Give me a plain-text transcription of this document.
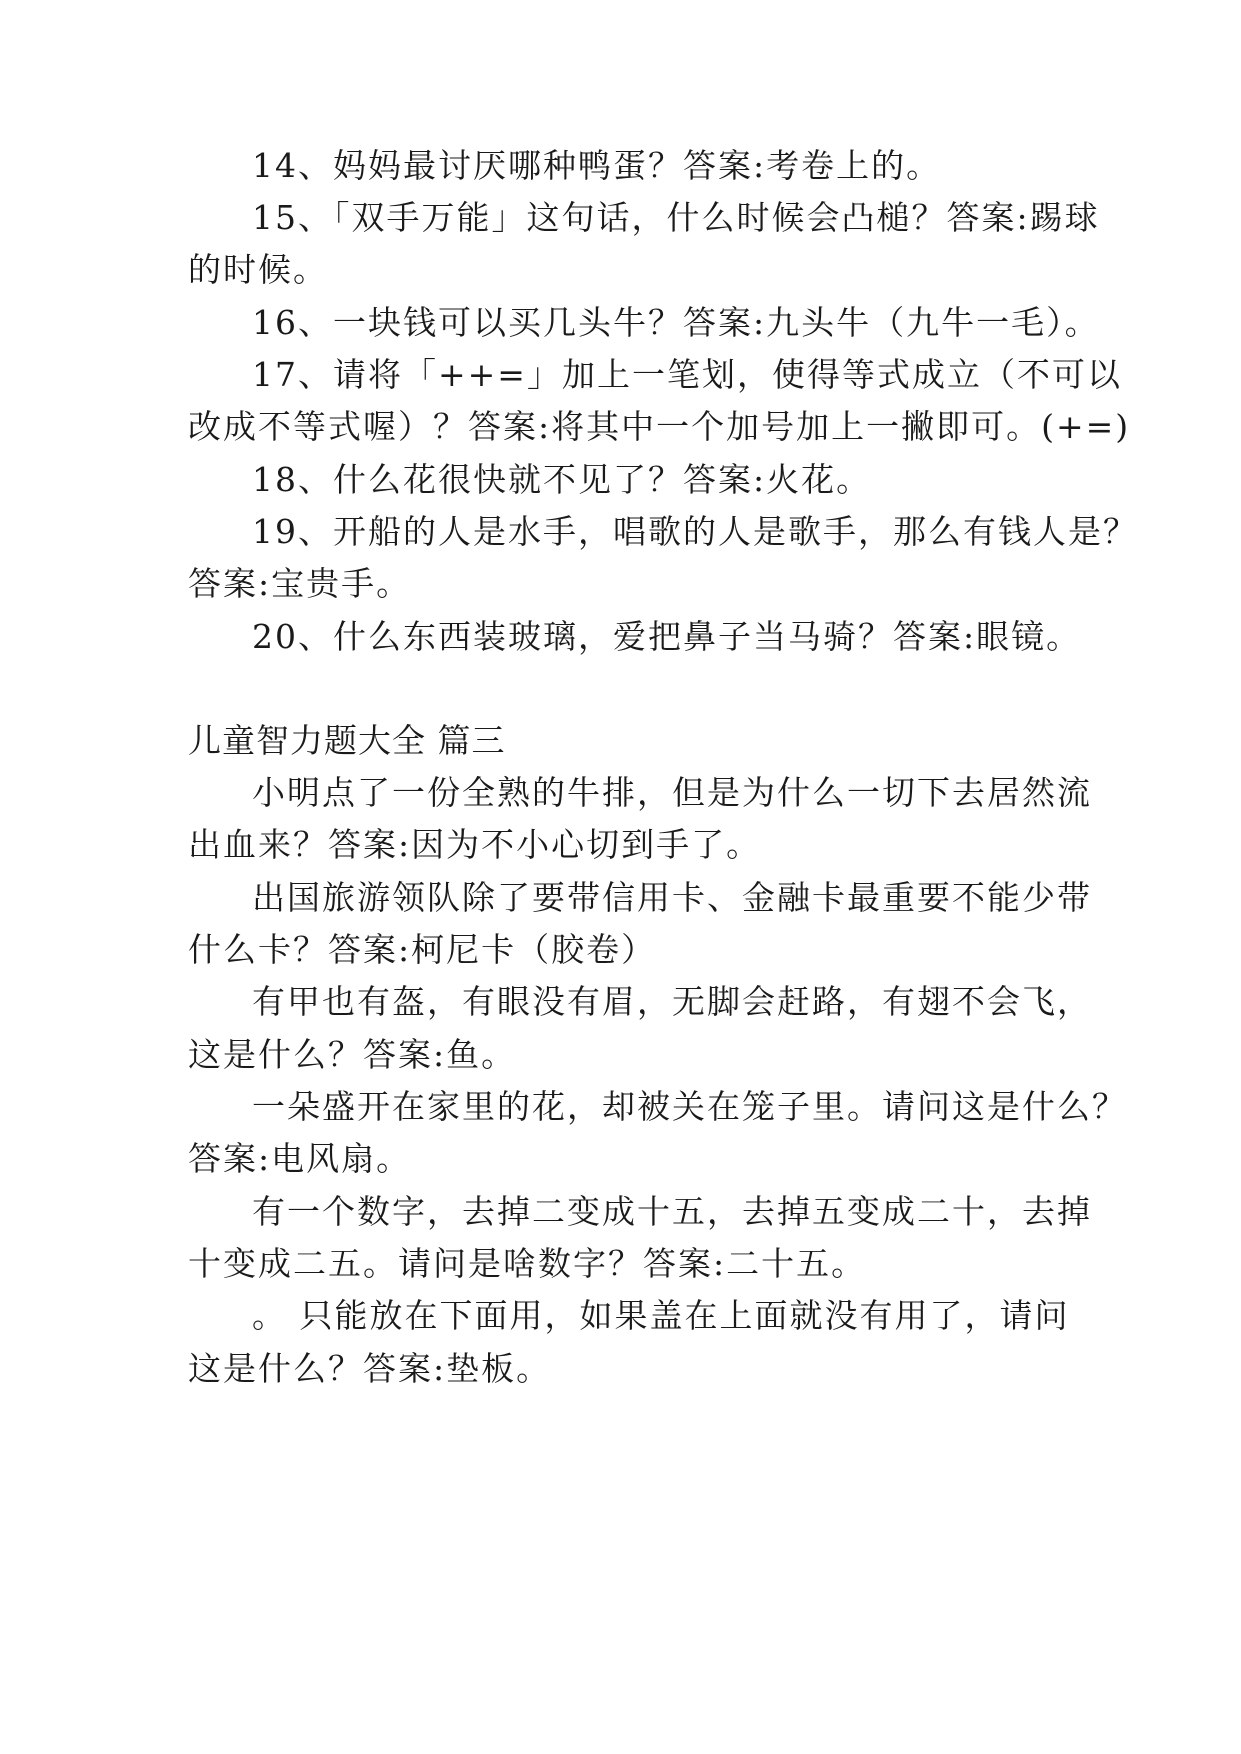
14、妈妈最讨厌哪种鸭蛋？答案:考卷上的。
15、「双手万能」这句话，什么时候会凸槌？答案:踢球
的时候。
16、一块钱可以买几头牛？答案:九头牛（九牛一毛）。
17、请将「++=」加上一笔划，使得等式成立（不可以
改成不等式喔）？答案:将其中一个加号加上一撇即可。(+=)
18、什么花很快就不见了？答案:火花。
19、开船的人是水手，唱歌的人是歌手，那么有钱人是？
答案:宝贵手。
20、什么东西装玻璃，爱把鼻子当马骑？答案:眼镜。
儿童智力题大全 篇三
小明点了一份全熟的牛排，但是为什么一切下去居然流
出血来？答案:因为不小心切到手了。
出国旅游领队除了要带信用卡、金融卡最重要不能少带
什么卡？答案:柯尼卡（胶卷）
有甲也有盔，有眼没有眉，无脚会赶路，有翅不会飞，
这是什么？答案:鱼。
一朵盛开在家里的花，却被关在笼子里。请问这是什么？
答案:电风扇。
有一个数字，去掉二变成十五，去掉五变成二十，去掉
十变成二五。请问是啥数字？答案:二十五。
。 只能放在下面用，如果盖在上面就没有用了，请问
这是什么？答案:垫板。
